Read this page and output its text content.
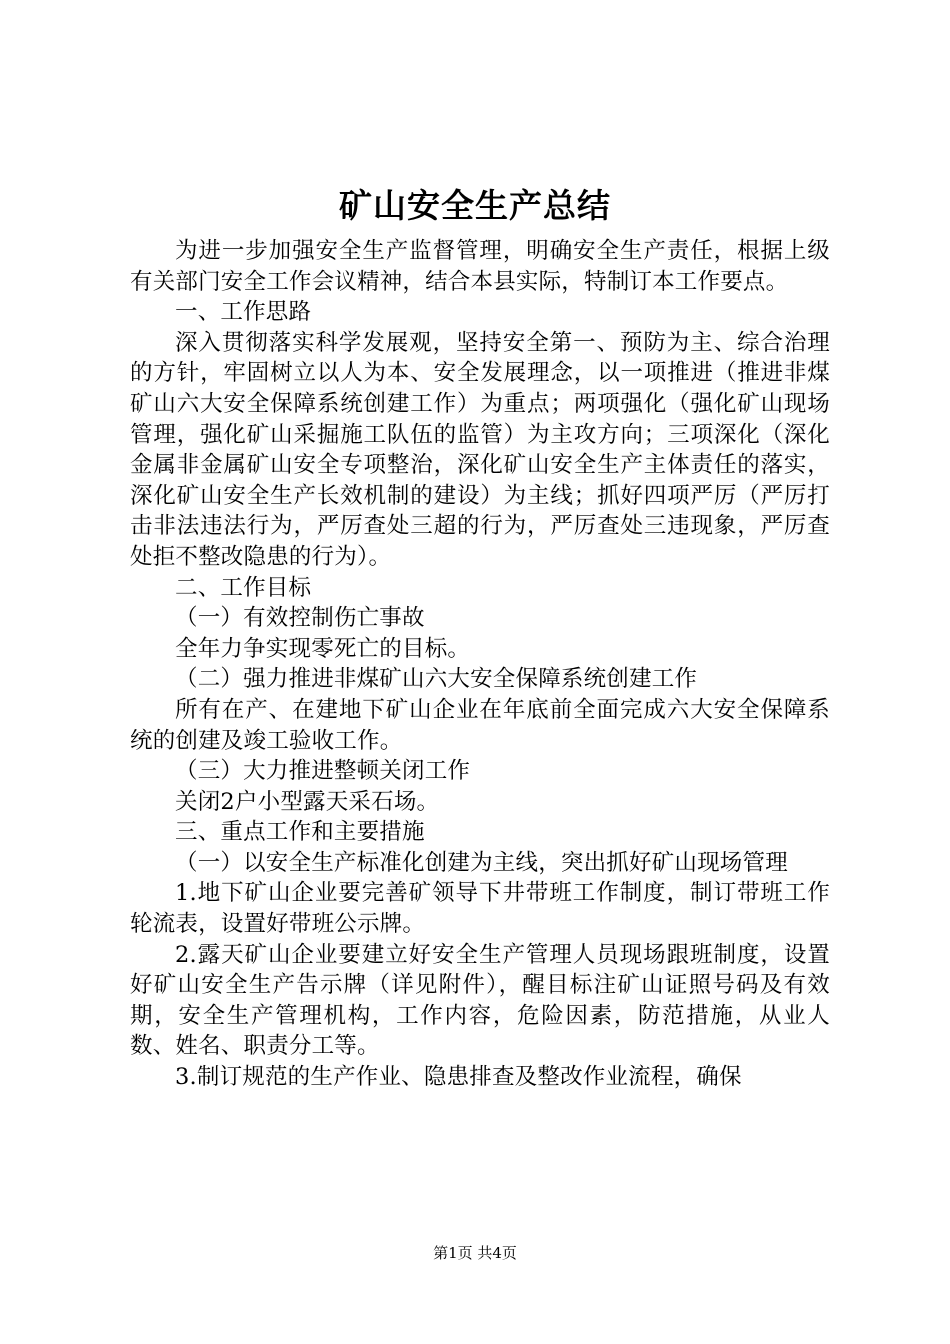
矿山安全生产总结

为进一步加强安全生产监督管理，明确安全生产责任，根据上级有关部门安全工作会议精神，结合本县实际，特制订本工作要点。

一、工作思路

深入贯彻落实科学发展观，坚持安全第一、预防为主、综合治理的方针，牢固树立以人为本、安全发展理念，以一项推进（推进非煤矿山六大安全保障系统创建工作）为重点；两项强化（强化矿山现场管理，强化矿山采掘施工队伍的监管）为主攻方向；三项深化（深化金属非金属矿山安全专项整治，深化矿山安全生产主体责任的落实，深化矿山安全生产长效机制的建设）为主线；抓好四项严厉（严厉打击非法违法行为，严厉查处三超的行为，严厉查处三违现象，严厉查处拒不整改隐患的行为）。

二、工作目标

（一）有效控制伤亡事故

全年力争实现零死亡的目标。

（二）强力推进非煤矿山六大安全保障系统创建工作

所有在产、在建地下矿山企业在年底前全面完成六大安全保障系统的创建及竣工验收工作。

（三）大力推进整顿关闭工作

关闭2户小型露天采石场。

三、重点工作和主要措施

（一）以安全生产标准化创建为主线，突出抓好矿山现场管理

1.地下矿山企业要完善矿领导下井带班工作制度，制订带班工作轮流表，设置好带班公示牌。

2.露天矿山企业要建立好安全生产管理人员现场跟班制度，设置好矿山安全生产告示牌（详见附件），醒目标注矿山证照号码及有效期，安全生产管理机构，工作内容，危险因素，防范措施，从业人数、姓名、职责分工等。

3.制订规范的生产作业、隐患排查及整改作业流程，确保

第1页 共4页
